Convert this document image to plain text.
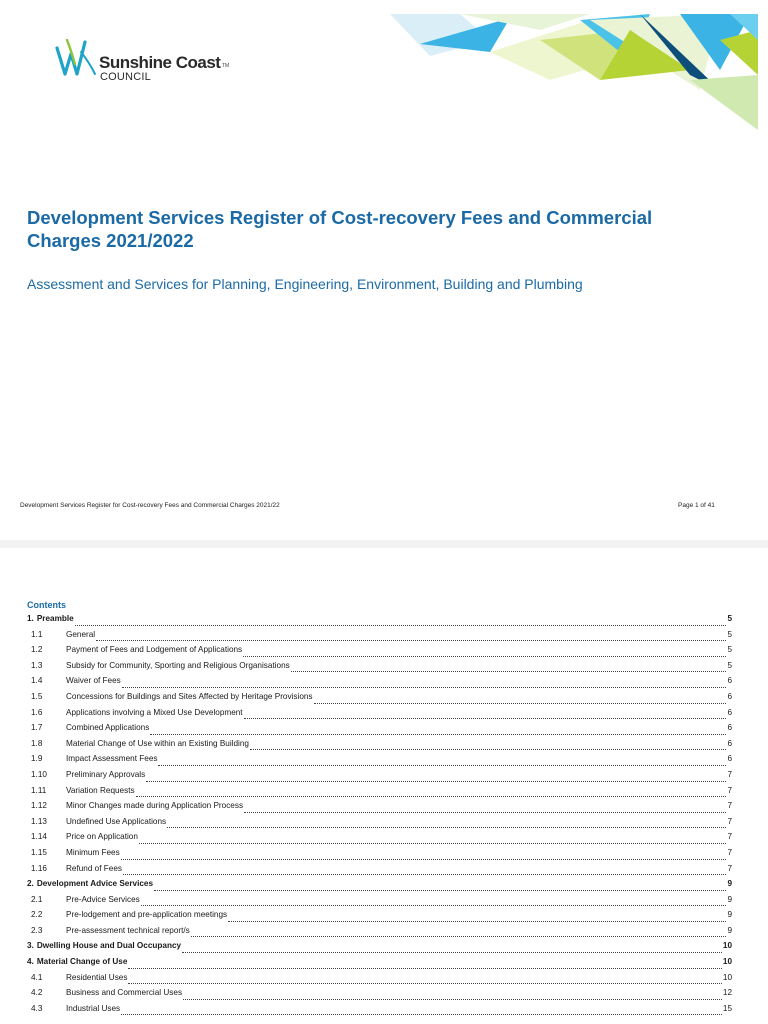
Sunshine Coast TM
COUNCIL
Development Services Register of Cost-recovery Fees and Commercial Charges 2021/2022

Assessment and Services for Planning, Engineering, Environment, Building and Plumbing

Development Services Register for Cost-recovery Fees and Commercial Charges 2021/22	Page 1 of 41
Contents
1. Preamble	5
1.1	General	5
1.2	Payment of Fees and Lodgement of Applications	5
1.3	Subsidy for Community, Sporting and Religious Organisations	5
1.4	Waiver of Fees	6
1.5	Concessions for Buildings and Sites Affected by Heritage Provisions	6
1.6	Applications involving a Mixed Use Development	6
1.7	Combined Applications	6
1.8	Material Change of Use within an Existing Building	6
1.9	Impact Assessment Fees	6
1.10	Preliminary Approvals	7
1.11	Variation Requests	7
1.12	Minor Changes made during Application Process	7
1.13	Undefined Use Applications	7
1.14	Price on Application	7
1.15	Minimum Fees	7
1.16	Refund of Fees	7
2. Development Advice Services	9
2.1	Pre-Advice Services	9
2.2	Pre-lodgement and pre-application meetings	9
2.3	Pre-assessment technical report/s	9
3. Dwelling House and Dual Occupancy	10
4. Material Change of Use	10
4.1	Residential Uses	10
4.2	Business and Commercial Uses	12
4.3	Industrial Uses	15
